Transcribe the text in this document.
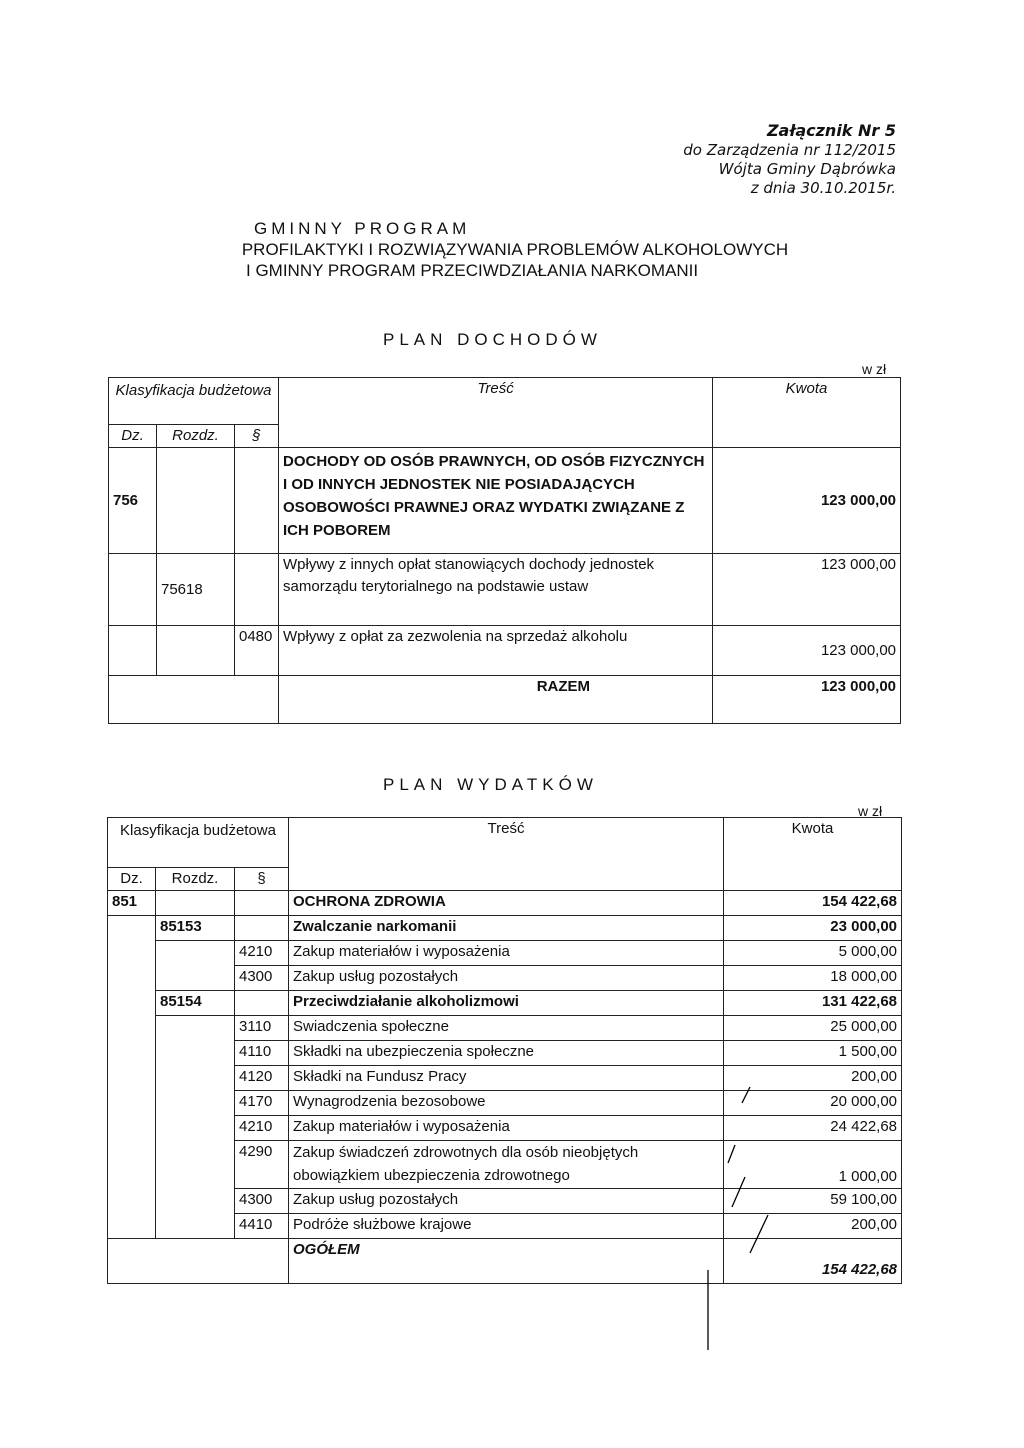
Załącznik Nr 5
do Zarządzenia nr 112/2015
Wójta Gminy Dąbrówka
z dnia 30.10.2015r.
GMINNY PROGRAM
PROFILAKTYKI I ROZWIĄZYWANIA PROBLEMÓW ALKOHOLOWYCH
I GMINNY PROGRAM PRZECIWDZIAŁANIA NARKOMANII
PLAN DOCHODÓW
w zł
Klasyfikacja budżetowa			Treść	Kwota
Dz.	Rozdz.	§		
756			DOCHODY OD OSÓB PRAWNYCH, OD OSÓB FIZYCZNYCH I OD INNYCH JEDNOSTEK NIE POSIADAJĄCYCH OSOBOWOŚCI PRAWNEJ ORAZ WYDATKI ZWIĄZANE Z ICH POBOREM	123 000,00
	75618		Wpływy z innych opłat stanowiących dochody jednostek samorządu terytorialnego na podstawie ustaw	123 000,00
		0480	Wpływy z opłat za zezwolenia na sprzedaż alkoholu	123 000,00
			RAZEM	123 000,00
PLAN WYDATKÓW
w zł
Klasyfikacja budżetowa			Treść	Kwota
Dz.	Rozdz.	§		
851			OCHRONA ZDROWIA	154 422,68
	85153		Zwalczanie narkomanii	23 000,00
		4210	Zakup materiałów i wyposażenia	5 000,00
		4300	Zakup usług pozostałych	18 000,00
	85154		Przeciwdziałanie alkoholizmowi	131 422,68
		3110	Swiadczenia społeczne	25 000,00
		4110	Składki na ubezpieczenia społeczne	1 500,00
		4120	Składki na Fundusz Pracy	200,00
		4170	Wynagrodzenia bezosobowe	20 000,00
		4210	Zakup materiałów i wyposażenia	24 422,68
		4290	Zakup świadczeń zdrowotnych dla osób nieobjętych obowiązkiem ubezpieczenia zdrowotnego	1 000,00
		4300	Zakup usług pozostałych	59 100,00
		4410	Podróże służbowe krajowe	200,00
			OGÓŁEM	154 422,68
